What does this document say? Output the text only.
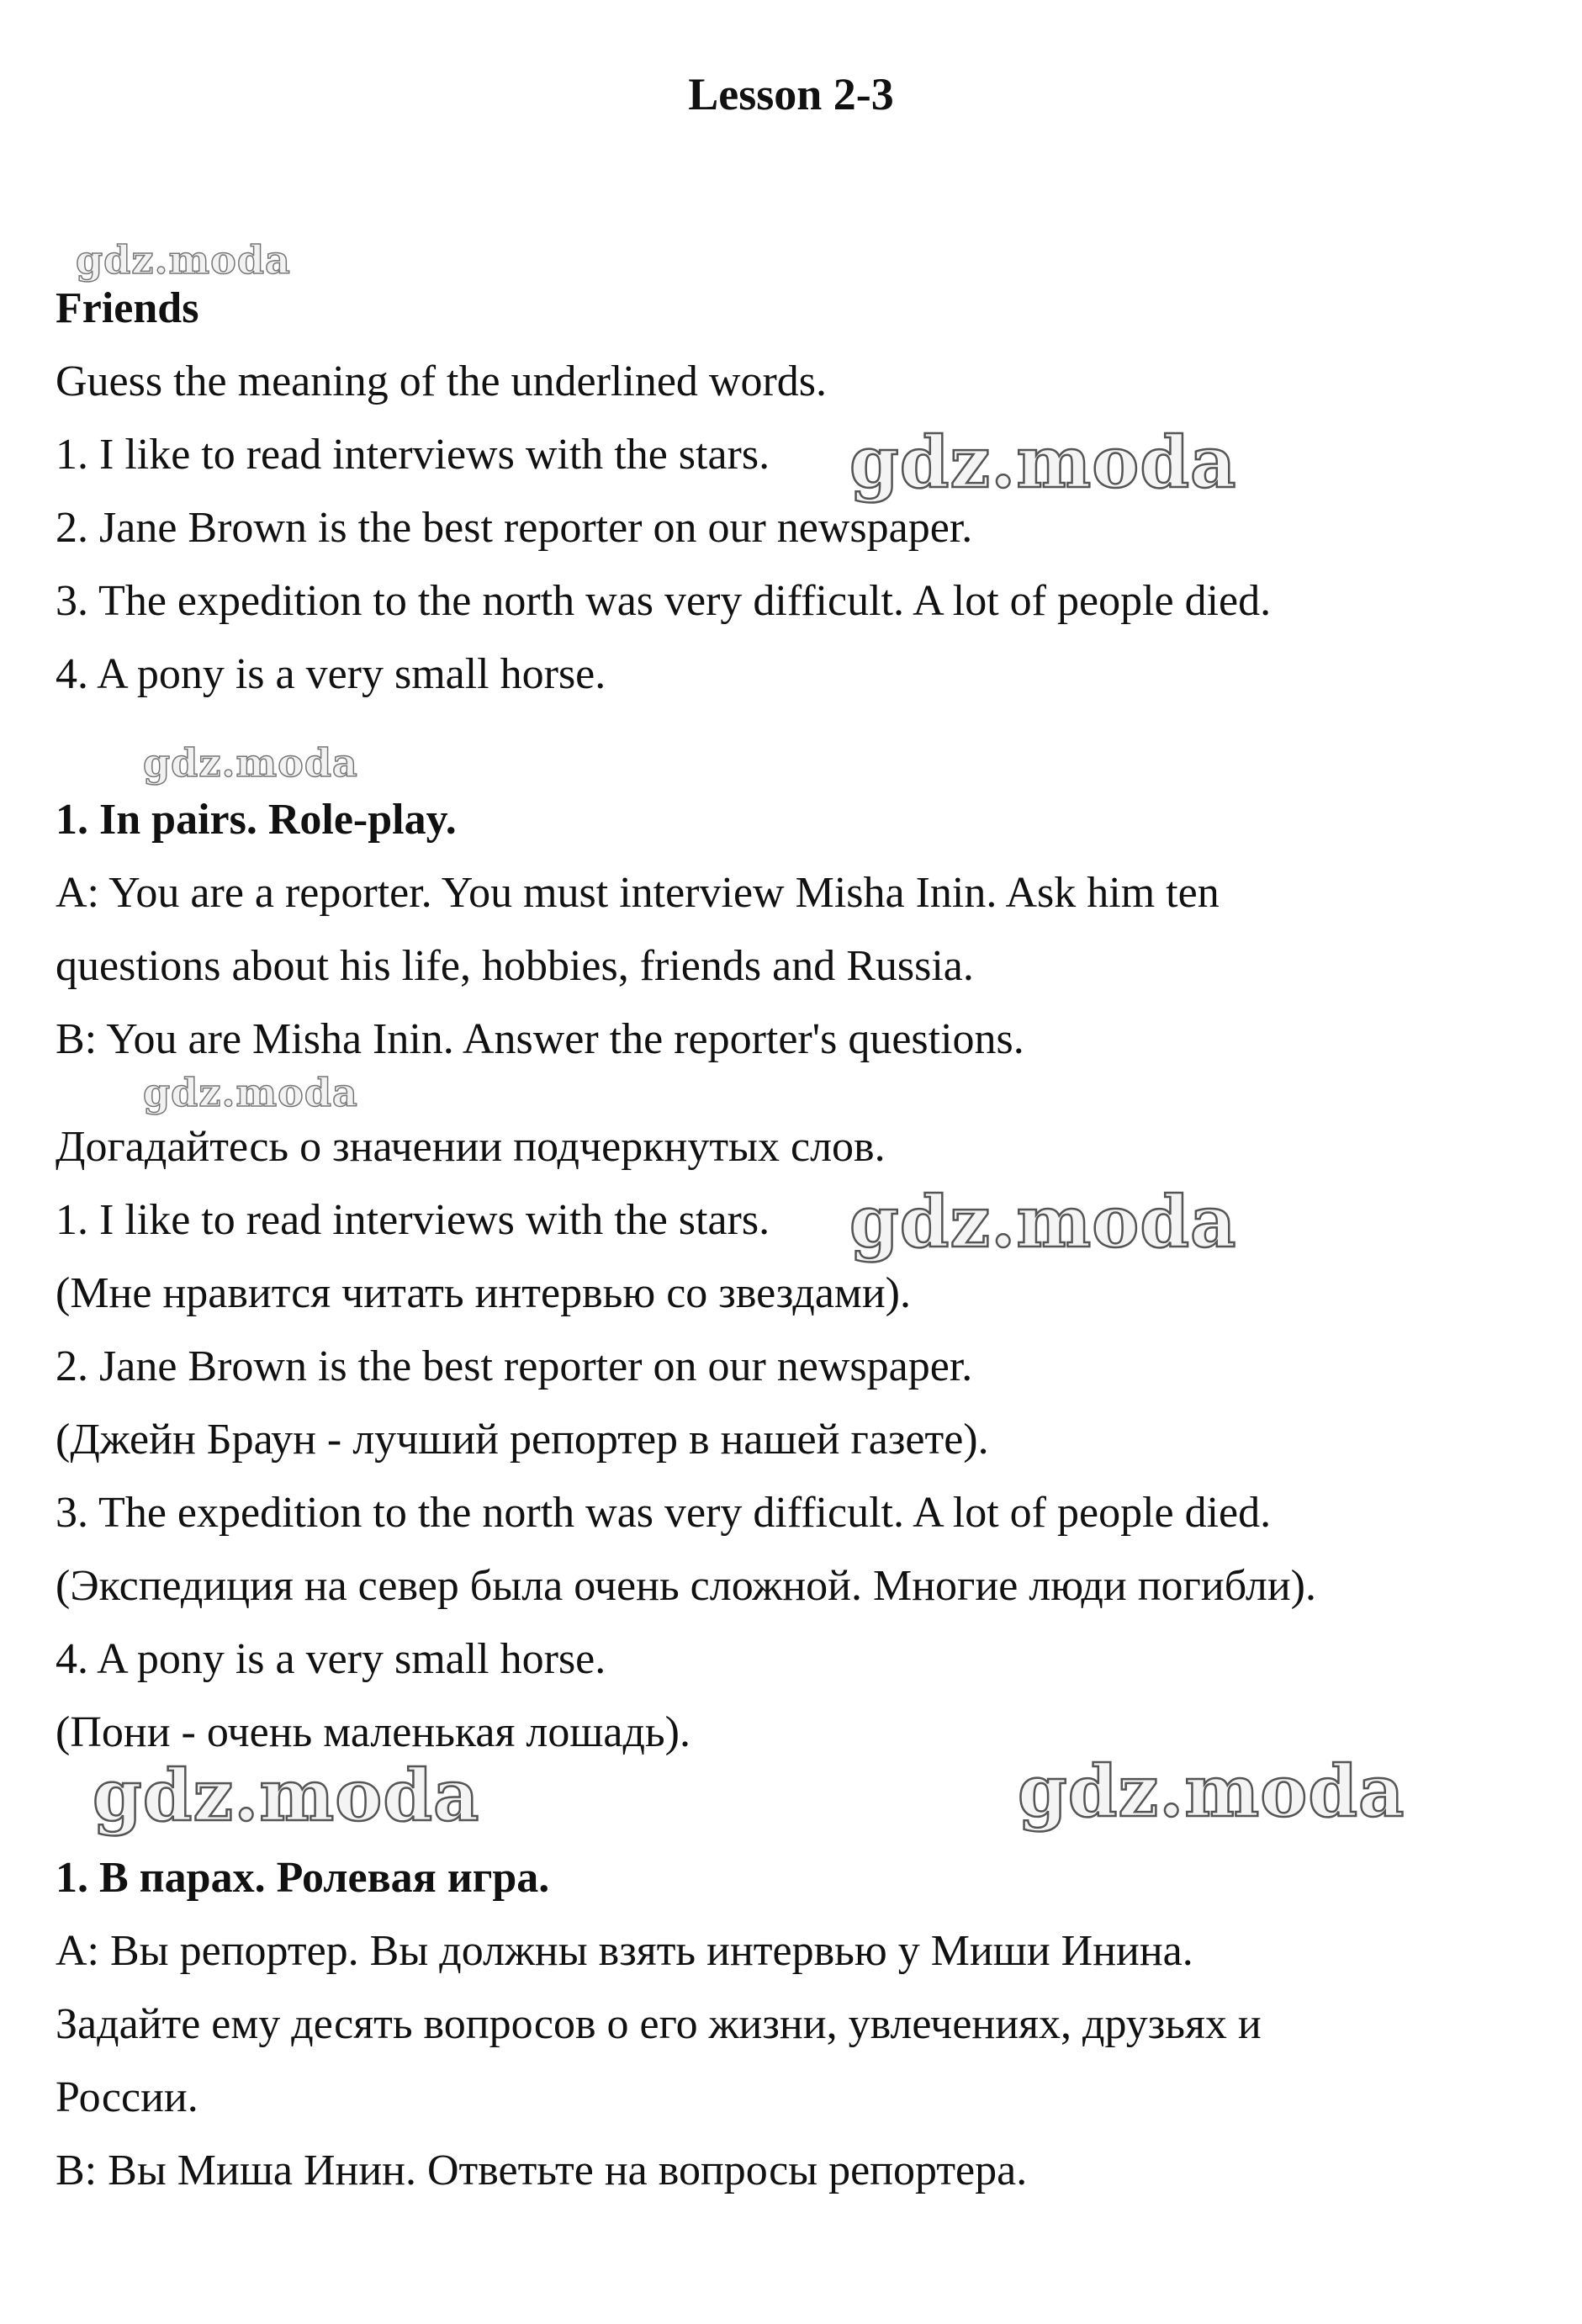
Lesson 2-3
gdz.moda
gdz.moda
gdz.moda
gdz.moda
gdz.moda
gdz.moda	gdz.moda
Friends
Guess the meaning of the underlined words.
1. I like to read interviews with the stars.
2. Jane Brown is the best reporter on our newspaper.
3. The expedition to the north was very difficult. A lot of people died.
4. A pony is a very small horse.
1. In pairs. Role-play.
A: You are a reporter. You must interview Misha Inin. Ask him ten
questions about his life, hobbies, friends and Russia.
B: You are Misha Inin. Answer the reporter's questions.
Догадайтесь о значении подчеркнутых слов.
1. I like to read interviews with the stars.
(Мне нравится читать интервью со звездами).
2. Jane Brown is the best reporter on our newspaper.
(Джейн Браун - лучший репортер в нашей газете).
3. The expedition to the north was very difficult. A lot of people died.
(Экспедиция на север была очень сложной. Многие люди погибли).
4. A pony is a very small horse.
(Пони - очень маленькая лошадь).
1. В парах. Ролевая игра.
А: Вы репортер. Вы должны взять интервью у Миши Инина.
Задайте ему десять вопросов о его жизни, увлечениях, друзьях и
России.
В: Вы Миша Инин. Ответьте на вопросы репортера.
